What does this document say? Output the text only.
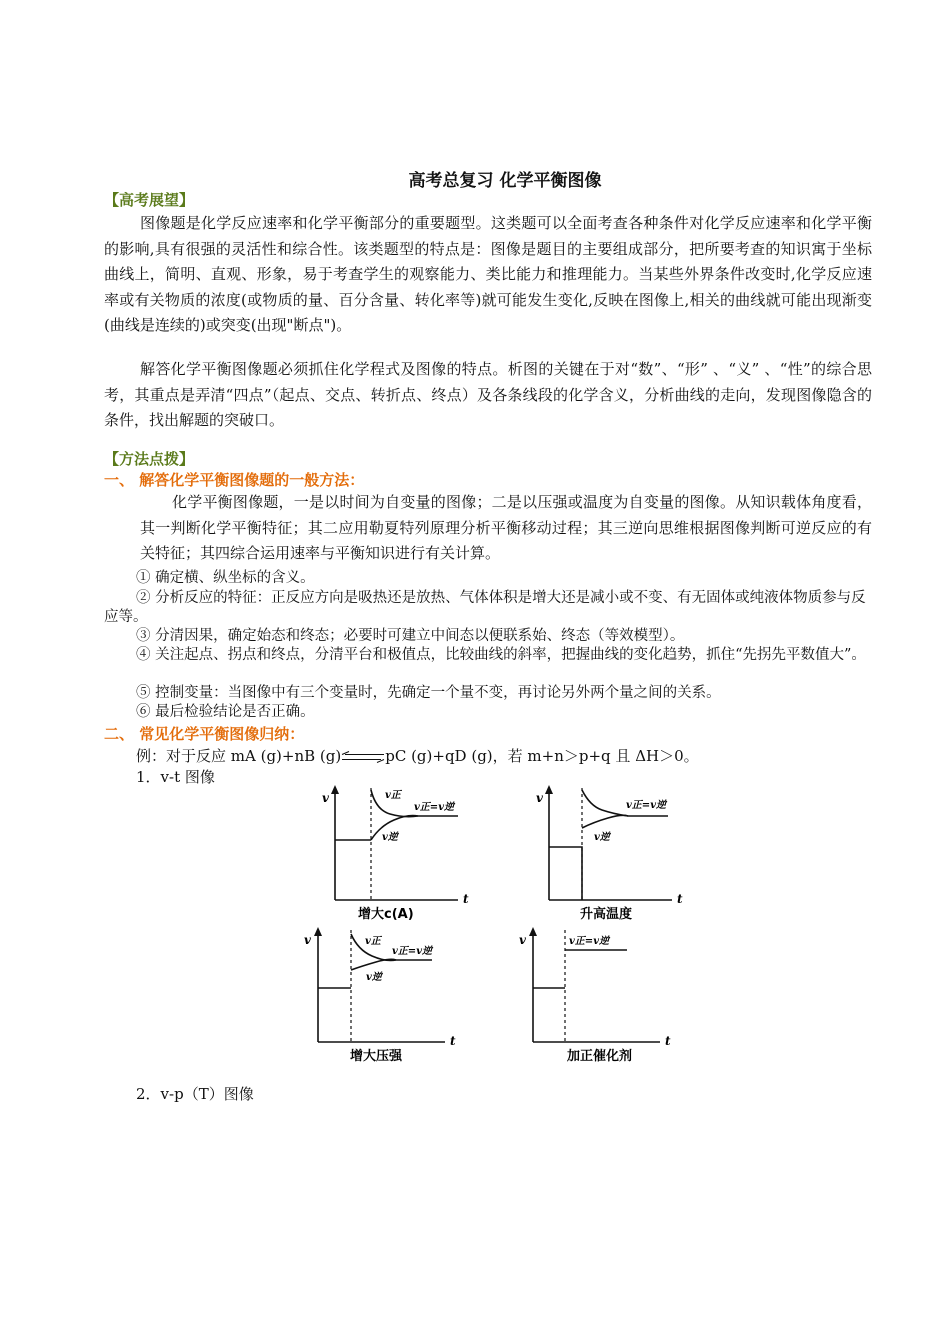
高考总复习 化学平衡图像
【高考展望】
图像题是化学反应速率和化学平衡部分的重要题型。这类题可以全面考查各种条件对化学反应速率和化学平衡的影响,具有很强的灵活性和综合性。该类题型的特点是：图像是题目的主要组成部分，把所要考查的知识寓于坐标曲线上，简明、直观、形象，易于考查学生的观察能力、类比能力和推理能力。当某些外界条件改变时,化学反应速率或有关物质的浓度(或物质的量、百分含量、转化率等)就可能发生变化,反映在图像上,相关的曲线就可能出现渐变(曲线是连续的)或突变(出现"断点")。
解答化学平衡图像题必须抓住化学程式及图像的特点。析图的关键在于对“数”、“形” 、“义” 、“性”的综合思考，其重点是弄清“四点”（起点、交点、转折点、终点）及各条线段的化学含义，分析曲线的走向，发现图像隐含的条件，找出解题的突破口。
【方法点拨】
一、 解答化学平衡图像题的一般方法：
化学平衡图像题，一是以时间为自变量的图像；二是以压强或温度为自变量的图像。从知识载体角度看，其一判断化学平衡特征；其二应用勒夏特列原理分析平衡移动过程；其三逆向思维根据图像判断可逆反应的有关特征；其四综合运用速率与平衡知识进行有关计算。
① 确定横、纵坐标的含义。
② 分析反应的特征：正反应方向是吸热还是放热、气体体积是增大还是减小或不变、有无固体或纯液体物质参与反应等。
③ 分清因果，确定始态和终态；必要时可建立中间态以便联系始、终态（等效模型）。
④ 关注起点、拐点和终点，分清平台和极值点，比较曲线的斜率，把握曲线的变化趋势，抓住“先拐先平数值大”。
⑤ 控制变量：当图像中有三个变量时，先确定一个量不变，再讨论另外两个量之间的关系。
⑥ 最后检验结论是否正确。
二、 常见化学平衡图像归纳：
例：对于反应 mA (g)+nB (g)⇌pC (g)+qD (g)，若 m+n＞p+q 且 ΔH＞0。
1．v-t 图像
v
t
v正
v正=v逆
v逆
增大c(A)
v
t
v正=v逆
v逆
升高温度
v
t
v正
v正=v逆
v逆
增大压强
v
t
v正=v逆
加正催化剂
2．v-p（T）图像
